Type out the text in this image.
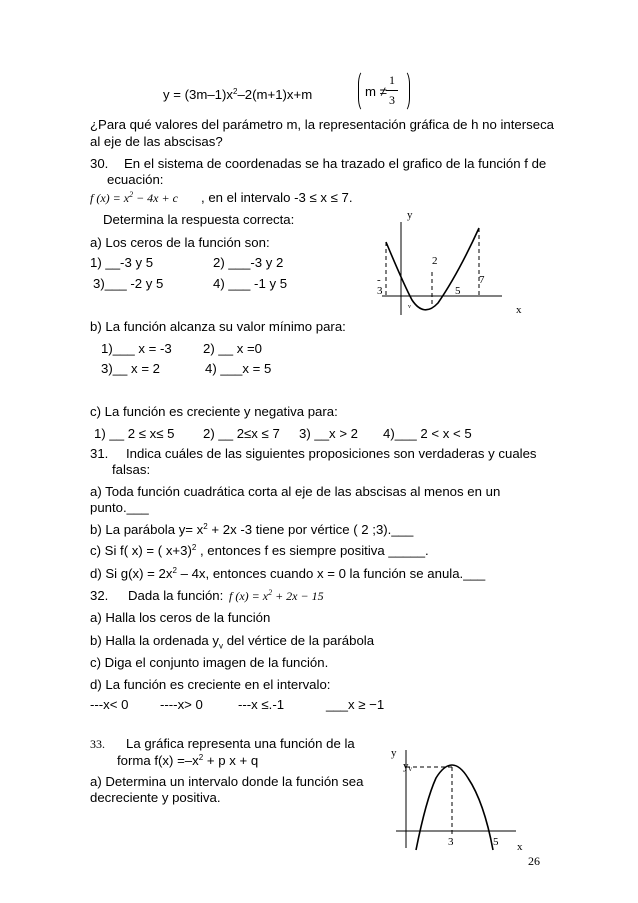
$y = (3m-1)x^2-2(m+1)x+m$	m ≠
1
3
¿Para qué valores del parámetro m, la representación gráfica de h no interseca
al eje de las abscisas?
30. En el sistema de coordenadas se ha trazado el grafico de la función f de
ecuación:
f $(x) = x^2 - 4x + c$ , en el intervalo -3 ≤ x ≤ 7.
Determina la respuesta correcta:
a) Los ceros de la función son:
1) __-3 y 5	2) ___-3 y 2
3)___ -2 y 5	4) ___ -1 y 5
b) La función alcanza su valor mínimo para:
1)___ x = -3 2) __ x =0
3)__ x = 2	4) ___x = 5
c) La función es creciente y negativa para:
1) __ 2 ≤ x≤ 5 2) __ 2≤x ≤ 7 3) __x > 2 4)___ 2 < x < 5
y
x
2
-
3	5
7
v
31. Indica cuáles de las siguientes proposiciones son verdaderas y cuales
falsas:
a) Toda función cuadrática corta al eje de las abscisas al menos en un
punto.___
b) La parábola $y= x^2 + 2x$ -3 tiene por vértice ( 2 ;3).___
c) Si f( x) = ( x+3)$^2$ , entonces f es siempre positiva _____.
d) Si $g(x) = 2x^2 - 4x$, entonces cuando x = 0 la función se anula.___
32. Dada la función: f $(x) = x^2 + 2x - 15$
a) Halla los ceros de la función
b) Halla la ordenada $y_v$ del vértice de la parábola
c) Diga el conjunto imagen de la función.
d) La función es creciente en el intervalo:
---x< 0 ----x> 0	---x ≤.-1	___x ≥ −1
33. La gráfica representa una función de la
forma $f(x) =-x^2 + p$ x + q
a) Determina un intervalo donde la función sea
decreciente y positiva.
y
yv
3	5 x
26
